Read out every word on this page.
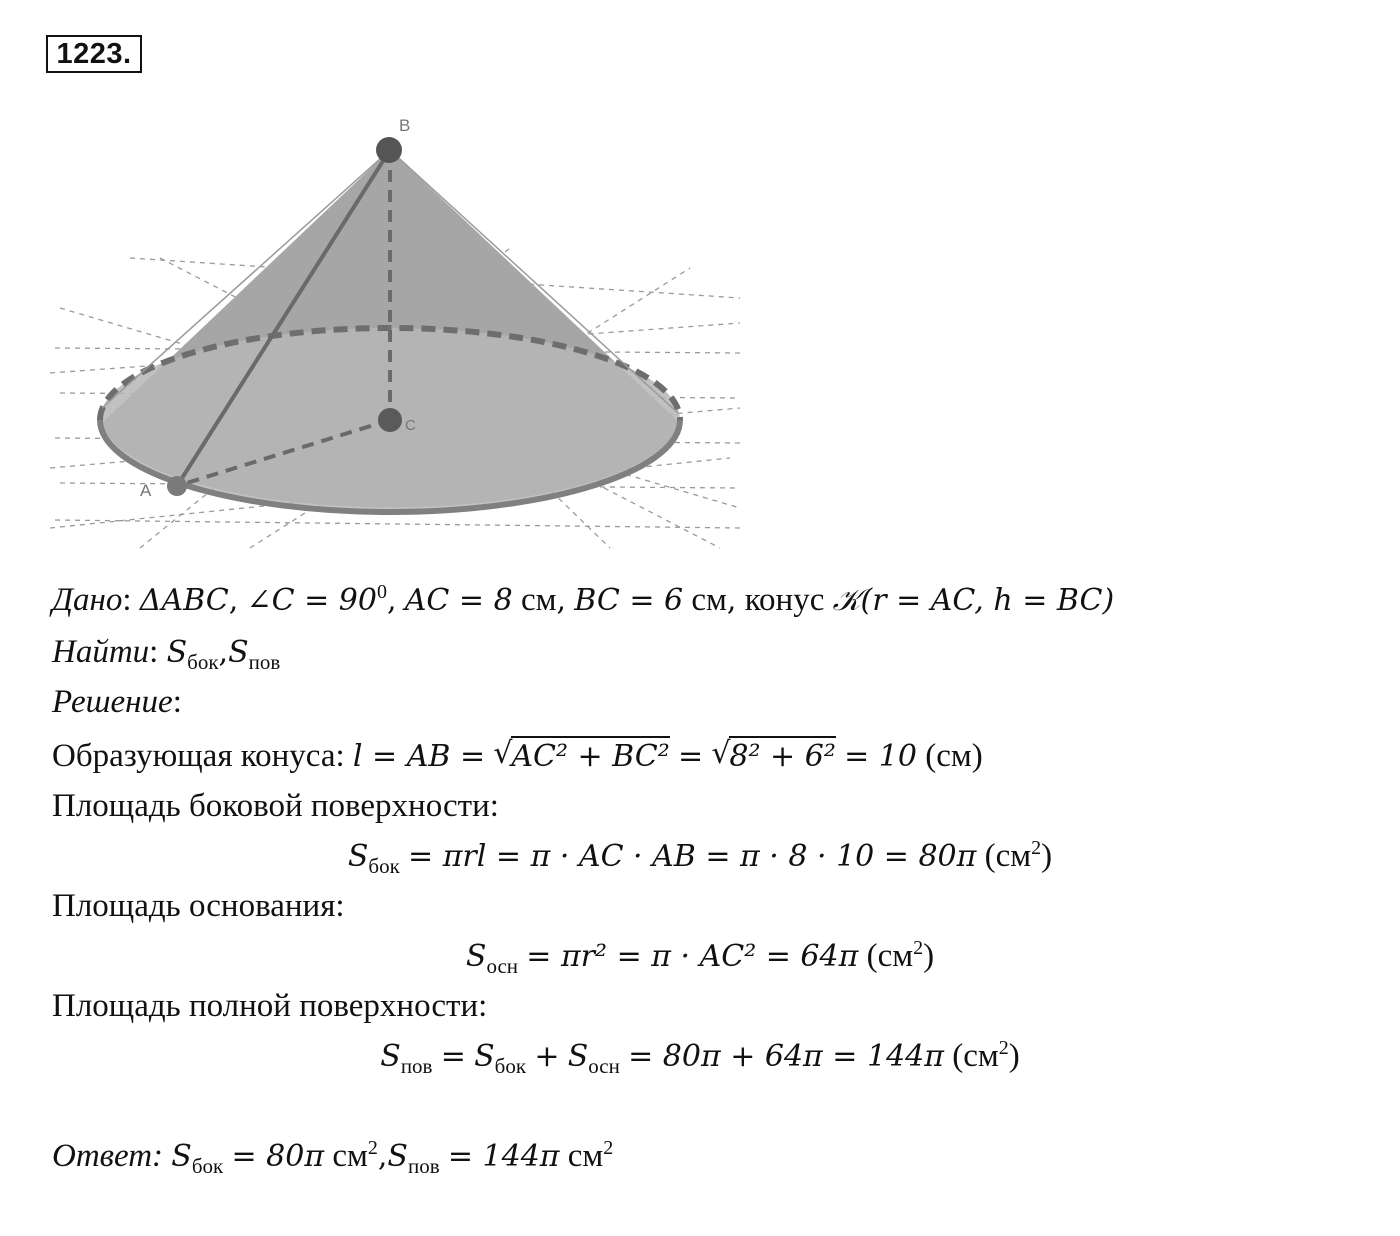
1223.
B
A
C
Дано: ΔABC, ∠C = $90^0$, AC = 8 см, BC = 6 см, конус 𝒦(r = AC, h = BC)
Найти: $S_{бок},S_{пов}$
Решение:
Образующая конуса: l = AB = √
AC² + BC² = √
8² + 6² = 10 (см)
Площадь боковой поверхности:
$S_{бок} = \pi rl = \pi$ · AC · AB = π · 8 · 10 = 80π $(см^2)$
Площадь основания:
$S_{осн} = \pi r^2 = \pi \cdot AC^2 = 64\pi$ $(см^2)$
Площадь полной поверхности:
$S_{пов} = S_{бок} + S_{осн} = 80\pi + 64\pi = 144\pi$ $(см^2)$
Ответ: $S_{бок} = 80\pi$ $см^2,S_{пов} = 144\pi$ $см^2$
